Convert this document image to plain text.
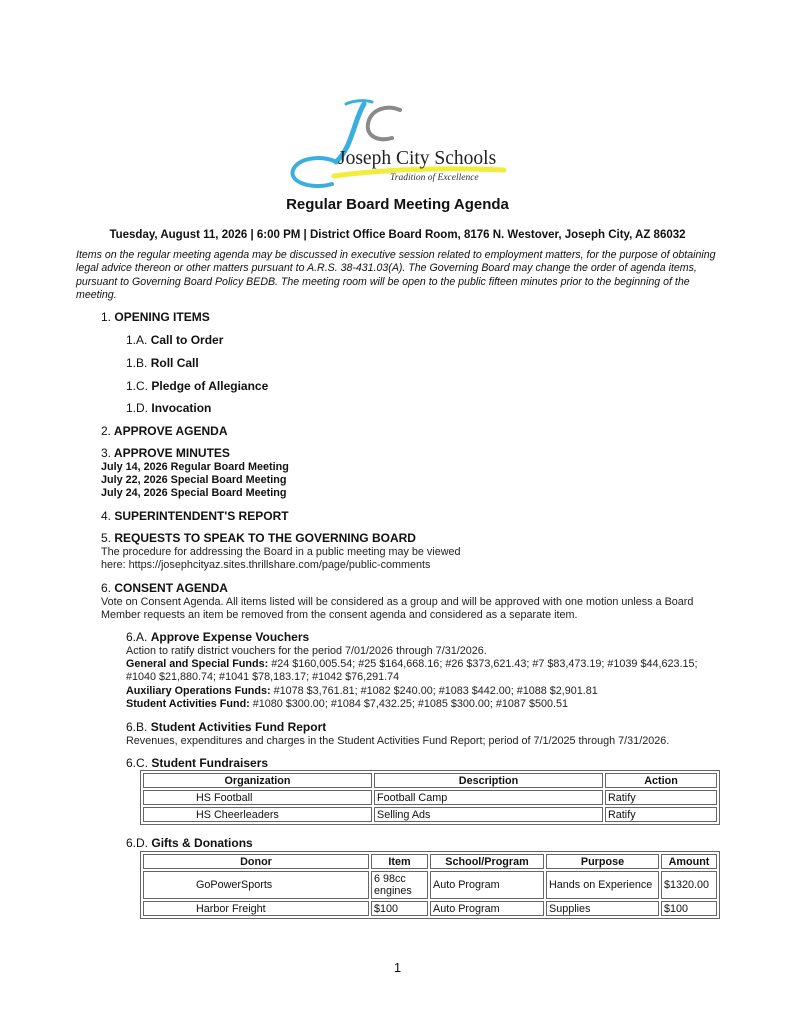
Joseph City Schools
Tradition of Excellence
Regular Board Meeting Agenda
Tuesday, August 11, 2026 | 6:00 PM | District Office Board Room, 8176 N. Westover, Joseph City, AZ 86032
Items on the regular meeting agenda may be discussed in executive session related to employment matters, for the purpose of obtaining legal advice thereon or other matters pursuant to A.R.S. 38-431.03(A). The Governing Board may change the order of agenda items, pursuant to Governing Board Policy BEDB. The meeting room will be open to the public fifteen minutes prior to the beginning of the meeting.
1. OPENING ITEMS
1.A. Call to Order
1.B. Roll Call
1.C. Pledge of Allegiance
1.D. Invocation
2. APPROVE AGENDA
3. APPROVE MINUTES
July 14, 2026 Regular Board Meeting
July 22, 2026 Special Board Meeting
July 24, 2026 Special Board Meeting
4. SUPERINTENDENT'S REPORT
5. REQUESTS TO SPEAK TO THE GOVERNING BOARD
The procedure for addressing the Board in a public meeting may be viewed
here: https://josephcityaz.sites.thrillshare.com/page/public-comments
6. CONSENT AGENDA
Vote on Consent Agenda. All items listed will be considered as a group and will be approved with one motion unless a Board Member requests an item be removed from the consent agenda and considered as a separate item.
6.A. Approve Expense Vouchers
Action to ratify district vouchers for the period 7/01/2026 through 7/31/2026.
General and Special Funds: #24 $160,005.54; #25 $164,668.16; #26 $373,621.43; #7 $83,473.19; #1039 $44,623.15; #1040 $21,880.74; #1041 $78,183.17; #1042 $76,291.74
Auxiliary Operations Funds: #1078 $3,761.81; #1082 $240.00; #1083 $442.00; #1088 $2,901.81
Student Activities Fund: #1080 $300.00; #1084 $7,432.25; #1085 $300.00; #1087 $500.51
6.B. Student Activities Fund Report
Revenues, expenditures and charges in the Student Activities Fund Report; period of 7/1/2025 through 7/31/2026.
6.C. Student Fundraisers
Organization	Description	Action
HS Football	Football Camp	Ratify
HS Cheerleaders	Selling Ads	Ratify
6.D. Gifts & Donations
Donor	Item	School/Program	Purpose	Amount
GoPowerSports	6 98cc engines	Auto Program	Hands on Experience	$1320.00
Harbor Freight	$100	Auto Program	Supplies	$100
1
